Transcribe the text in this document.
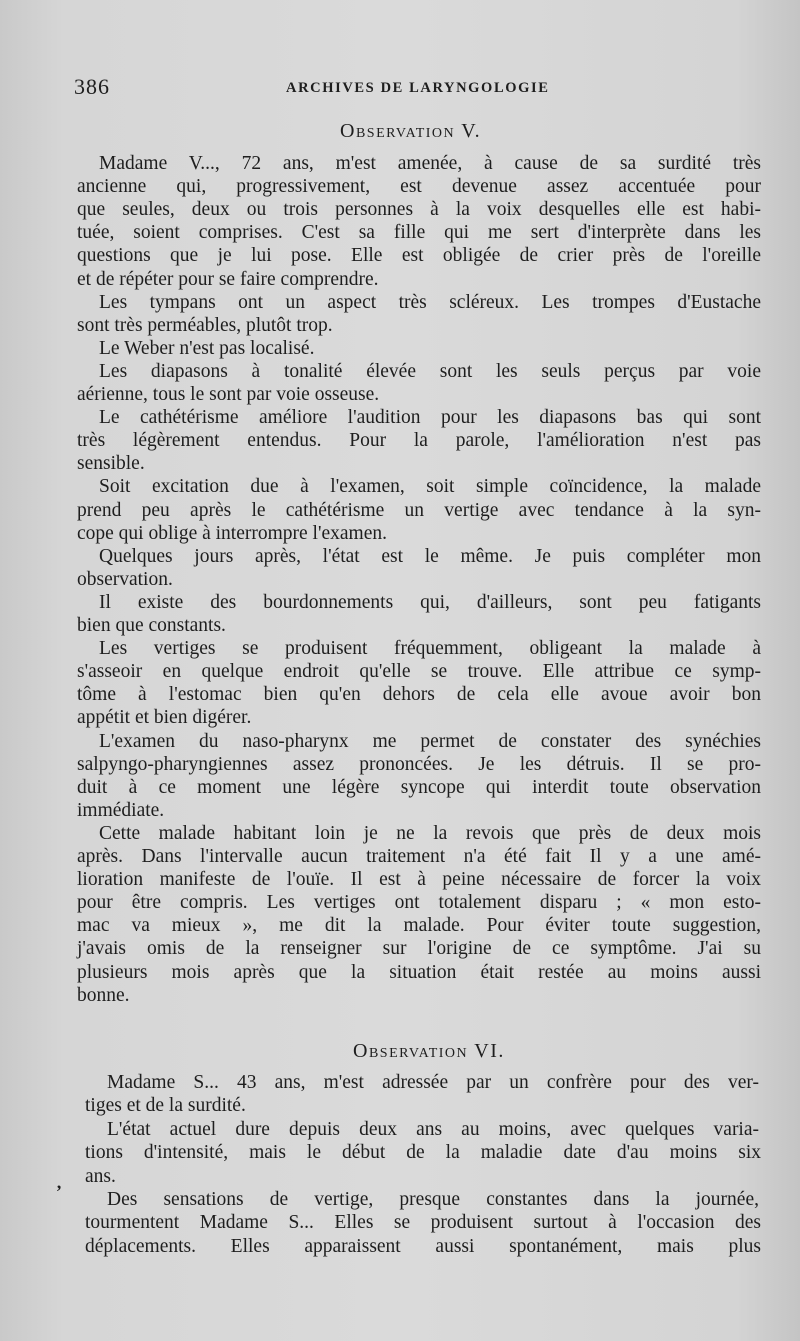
386	ARCHIVES DE LARYNGOLOGIE
Observation V.
Madame V..., 72 ans, m'est amenée, à cause de sa surdité très
ancienne qui, progressivement, est devenue assez accentuée pour
que seules, deux ou trois personnes à la voix desquelles elle est habi-
tuée, soient comprises. C'est sa fille qui me sert d'interprète dans les
questions que je lui pose. Elle est obligée de crier près de l'oreille
et de répéter pour se faire comprendre.
Les tympans ont un aspect très scléreux. Les trompes d'Eustache
sont très perméables, plutôt trop.
Le Weber n'est pas localisé.
Les diapasons à tonalité élevée sont les seuls perçus par voie
aérienne, tous le sont par voie osseuse.
Le cathétérisme améliore l'audition pour les diapasons bas qui sont
très légèrement entendus. Pour la parole, l'amélioration n'est pas
sensible.
Soit excitation due à l'examen, soit simple coïncidence, la malade
prend peu après le cathétérisme un vertige avec tendance à la syn-
cope qui oblige à interrompre l'examen.
Quelques jours après, l'état est le même. Je puis compléter mon
observation.
Il existe des bourdonnements qui, d'ailleurs, sont peu fatigants
bien que constants.
Les vertiges se produisent fréquemment, obligeant la malade à
s'asseoir en quelque endroit qu'elle se trouve. Elle attribue ce symp-
tôme à l'estomac bien qu'en dehors de cela elle avoue avoir bon
appétit et bien digérer.
L'examen du naso-pharynx me permet de constater des synéchies
salpyngo-pharyngiennes assez prononcées. Je les détruis. Il se pro-
duit à ce moment une légère syncope qui interdit toute observation
immédiate.
Cette malade habitant loin je ne la revois que près de deux mois
après. Dans l'intervalle aucun traitement n'a été fait Il y a une amé-
lioration manifeste de l'ouïe. Il est à peine nécessaire de forcer la voix
pour être compris. Les vertiges ont totalement disparu ; « mon esto-
mac va mieux », me dit la malade. Pour éviter toute suggestion,
j'avais omis de la renseigner sur l'origine de ce symptôme. J'ai su
plusieurs mois après que la situation était restée au moins aussi
bonne.
Observation VI.
Madame S... 43 ans, m'est adressée par un confrère pour des ver-
tiges et de la surdité.
L'état actuel dure depuis deux ans au moins, avec quelques varia-
tions d'intensité, mais le début de la maladie date d'au moins six
ans.
Des sensations de vertige, presque constantes dans la journée,
tourmentent Madame S... Elles se produisent surtout à l'occasion des
déplacements. Elles apparaissent aussi spontanément, mais plus
‚
